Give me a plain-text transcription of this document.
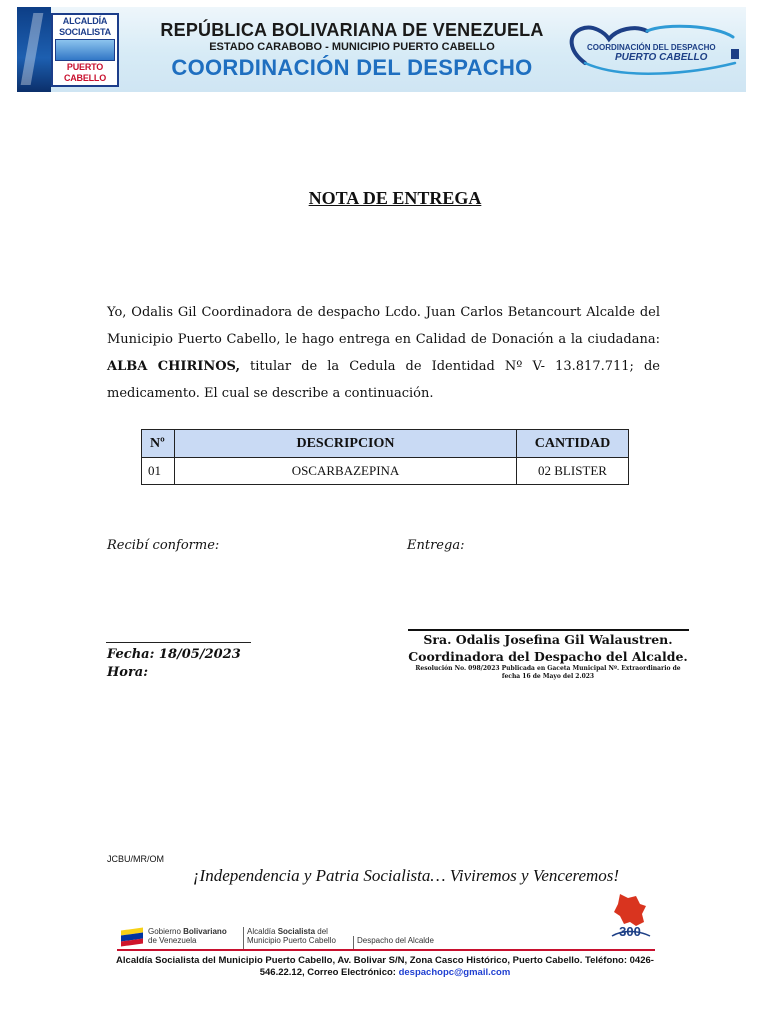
ALCALDÍA
SOCIALISTA
PUERTO
CABELLO
REPÚBLICA BOLIVARIANA DE VENEZUELA
ESTADO CARABOBO - MUNICIPIO PUERTO CABELLO
COORDINACIÓN DEL DESPACHO
COORDINACIÓN DEL DESPACHO
PUERTO CABELLO
NOTA DE ENTREGA
Yo, Odalis Gil Coordinadora de despacho Lcdo. Juan Carlos Betancourt Alcalde del Municipio Puerto Cabello, le hago entrega en Calidad de Donación a la ciudadana: ALBA CHIRINOS, titular de la Cedula de Identidad Nº V- 13.817.711; de medicamento. El cual se describe a continuación.
Nº	DESCRIPCION	CANTIDAD
01	OSCARBAZEPINA	02 BLISTER
Recibí conforme:	Entrega:
Fecha: 18/05/2023
Hora:
Sra. Odalis Josefina Gil Walaustren.
Coordinadora del Despacho del Alcalde.
Resolución No. 098/2023 Publicada en Gaceta Municipal Nº. Extraordinario de fecha 16 de Mayo del 2.023
JCBU/MR/OM
¡Independencia y Patria Socialista… Viviremos y Venceremos!
Gobierno Bolivariano
de Venezuela
Alcaldía Socialista del
Municipio Puerto Cabello	Despacho del Alcalde
300
Alcaldía Socialista del Municipio Puerto Cabello, Av. Bolivar S/N, Zona Casco Histórico, Puerto Cabello. Teléfono: 0426-546.22.12, Correo Electrónico: despachopc@gmail.com
